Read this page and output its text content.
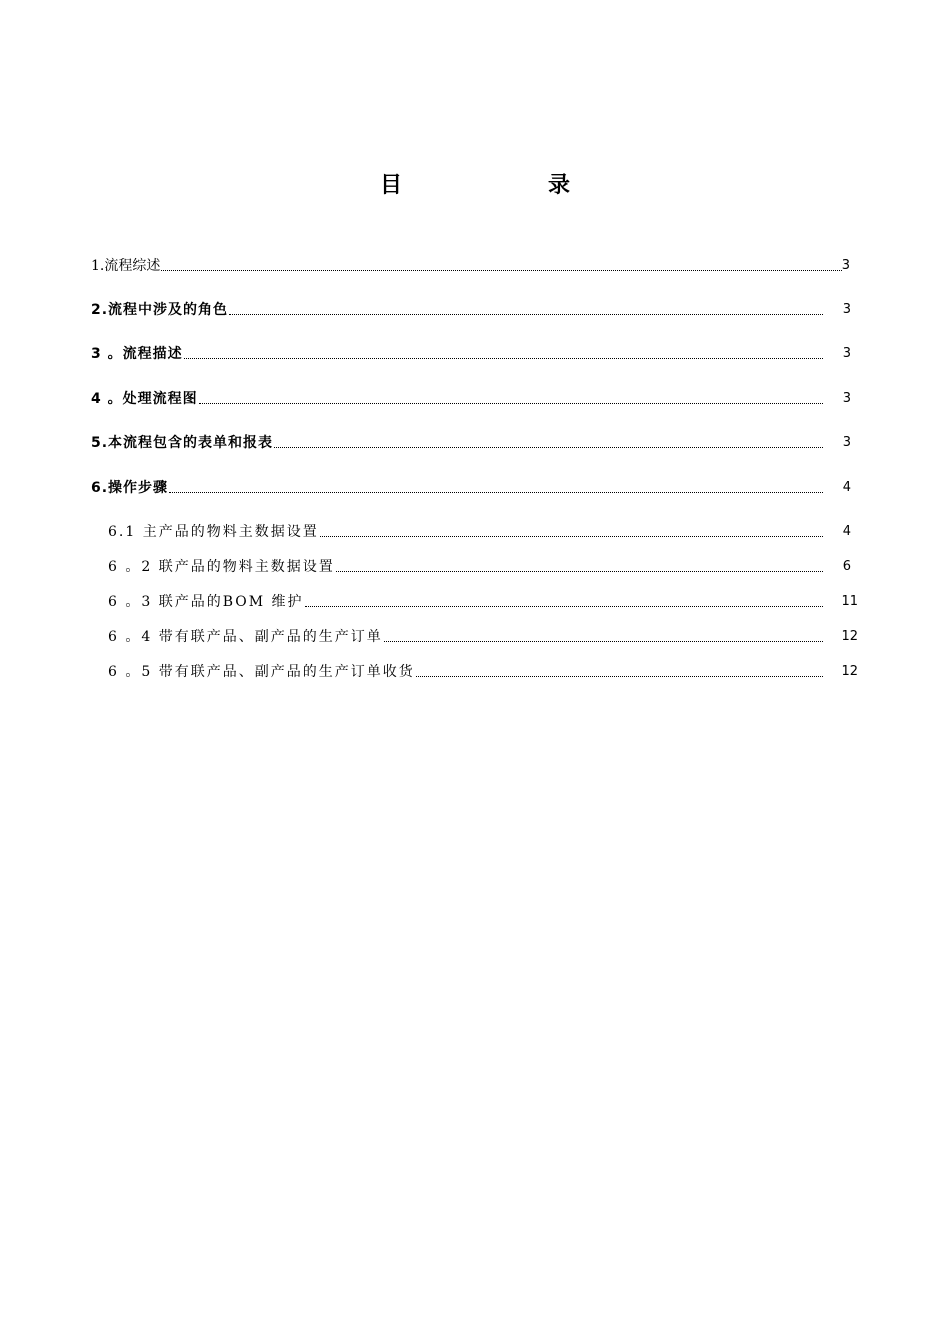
目　录
1.流程综述	3
2.流程中涉及的角色	3
3 。流程描述	3
4 。处理流程图	3
5.本流程包含的表单和报表	3
6.操作步骤	4
6.1 主产品的物料主数据设置	4
6 。2 联产品的物料主数据设置	6
6 。3 联产品的BOM 维护	11
6 。4 带有联产品、副产品的生产订单	12
6 。5 带有联产品、副产品的生产订单收货	12
